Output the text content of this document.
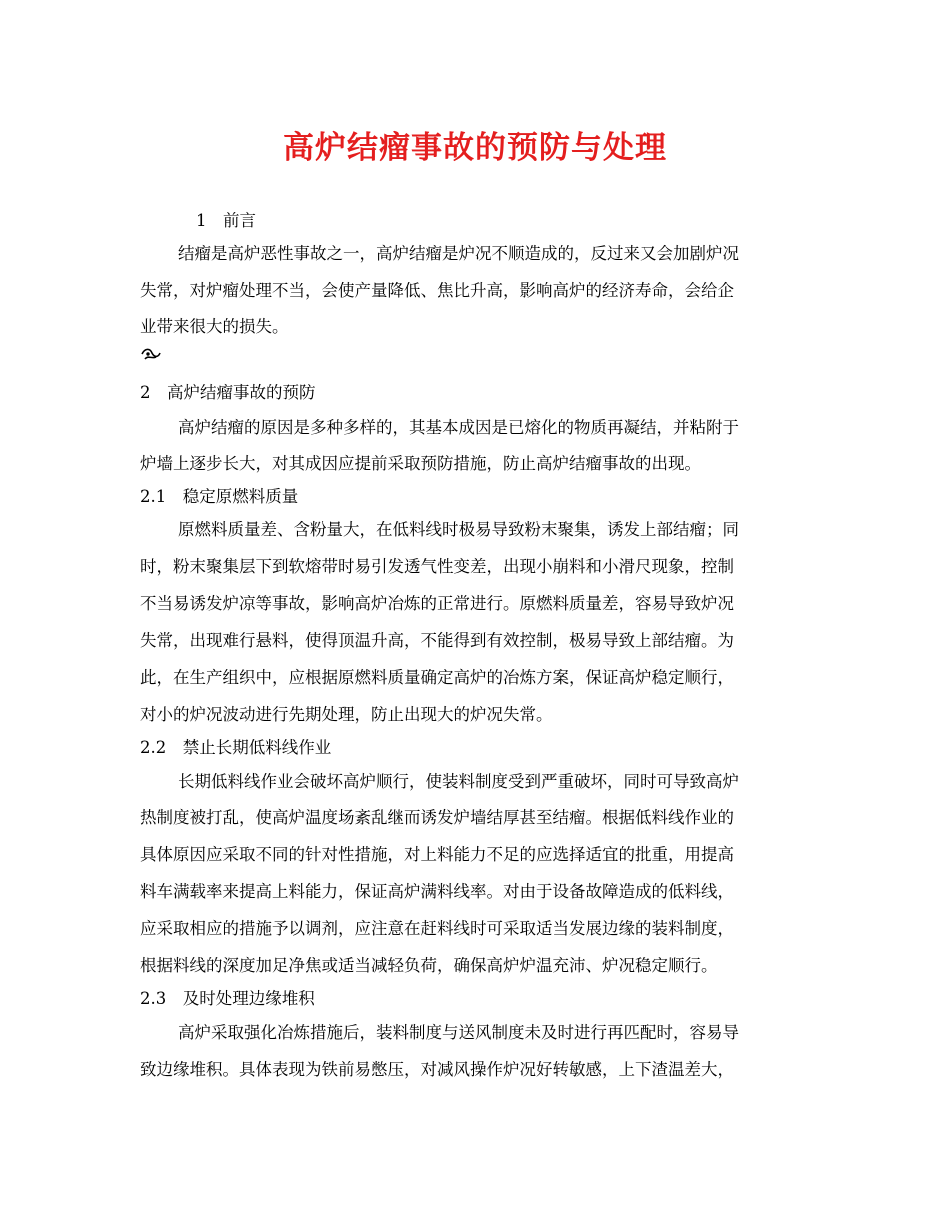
高炉结瘤事故的预防与处理
1　前言
结瘤是高炉恶性事故之一，高炉结瘤是炉况不顺造成的，反过来又会加剧炉况
失常，对炉瘤处理不当，会使产量降低、焦比升高，影响高炉的经济寿命，会给企
业带来很大的损失。
2　高炉结瘤事故的预防
高炉结瘤的原因是多种多样的，其基本成因是已熔化的物质再凝结，并粘附于
炉墙上逐步长大，对其成因应提前采取预防措施，防止高炉结瘤事故的出现。
2.1　稳定原燃料质量
原燃料质量差、含粉量大，在低料线时极易导致粉末聚集，诱发上部结瘤；同
时，粉末聚集层下到软熔带时易引发透气性变差，出现小崩料和小滑尺现象，控制
不当易诱发炉凉等事故，影响高炉冶炼的正常进行。原燃料质量差，容易导致炉况
失常，出现难行悬料，使得顶温升高，不能得到有效控制，极易导致上部结瘤。为
此，在生产组织中，应根据原燃料质量确定高炉的冶炼方案，保证高炉稳定顺行，
对小的炉况波动进行先期处理，防止出现大的炉况失常。
2.2　禁止长期低料线作业
长期低料线作业会破坏高炉顺行，使装料制度受到严重破坏，同时可导致高炉
热制度被打乱，使高炉温度场紊乱继而诱发炉墙结厚甚至结瘤。根据低料线作业的
具体原因应采取不同的针对性措施，对上料能力不足的应选择适宜的批重，用提高
料车满载率来提高上料能力，保证高炉满料线率。对由于设备故障造成的低料线，
应采取相应的措施予以调剂，应注意在赶料线时可采取适当发展边缘的装料制度，
根据料线的深度加足净焦或适当减轻负荷，确保高炉炉温充沛、炉况稳定顺行。
2.3　及时处理边缘堆积
高炉采取强化冶炼措施后，装料制度与送风制度未及时进行再匹配时，容易导
致边缘堆积。具体表现为铁前易憋压，对减风操作炉况好转敏感，上下渣温差大，
